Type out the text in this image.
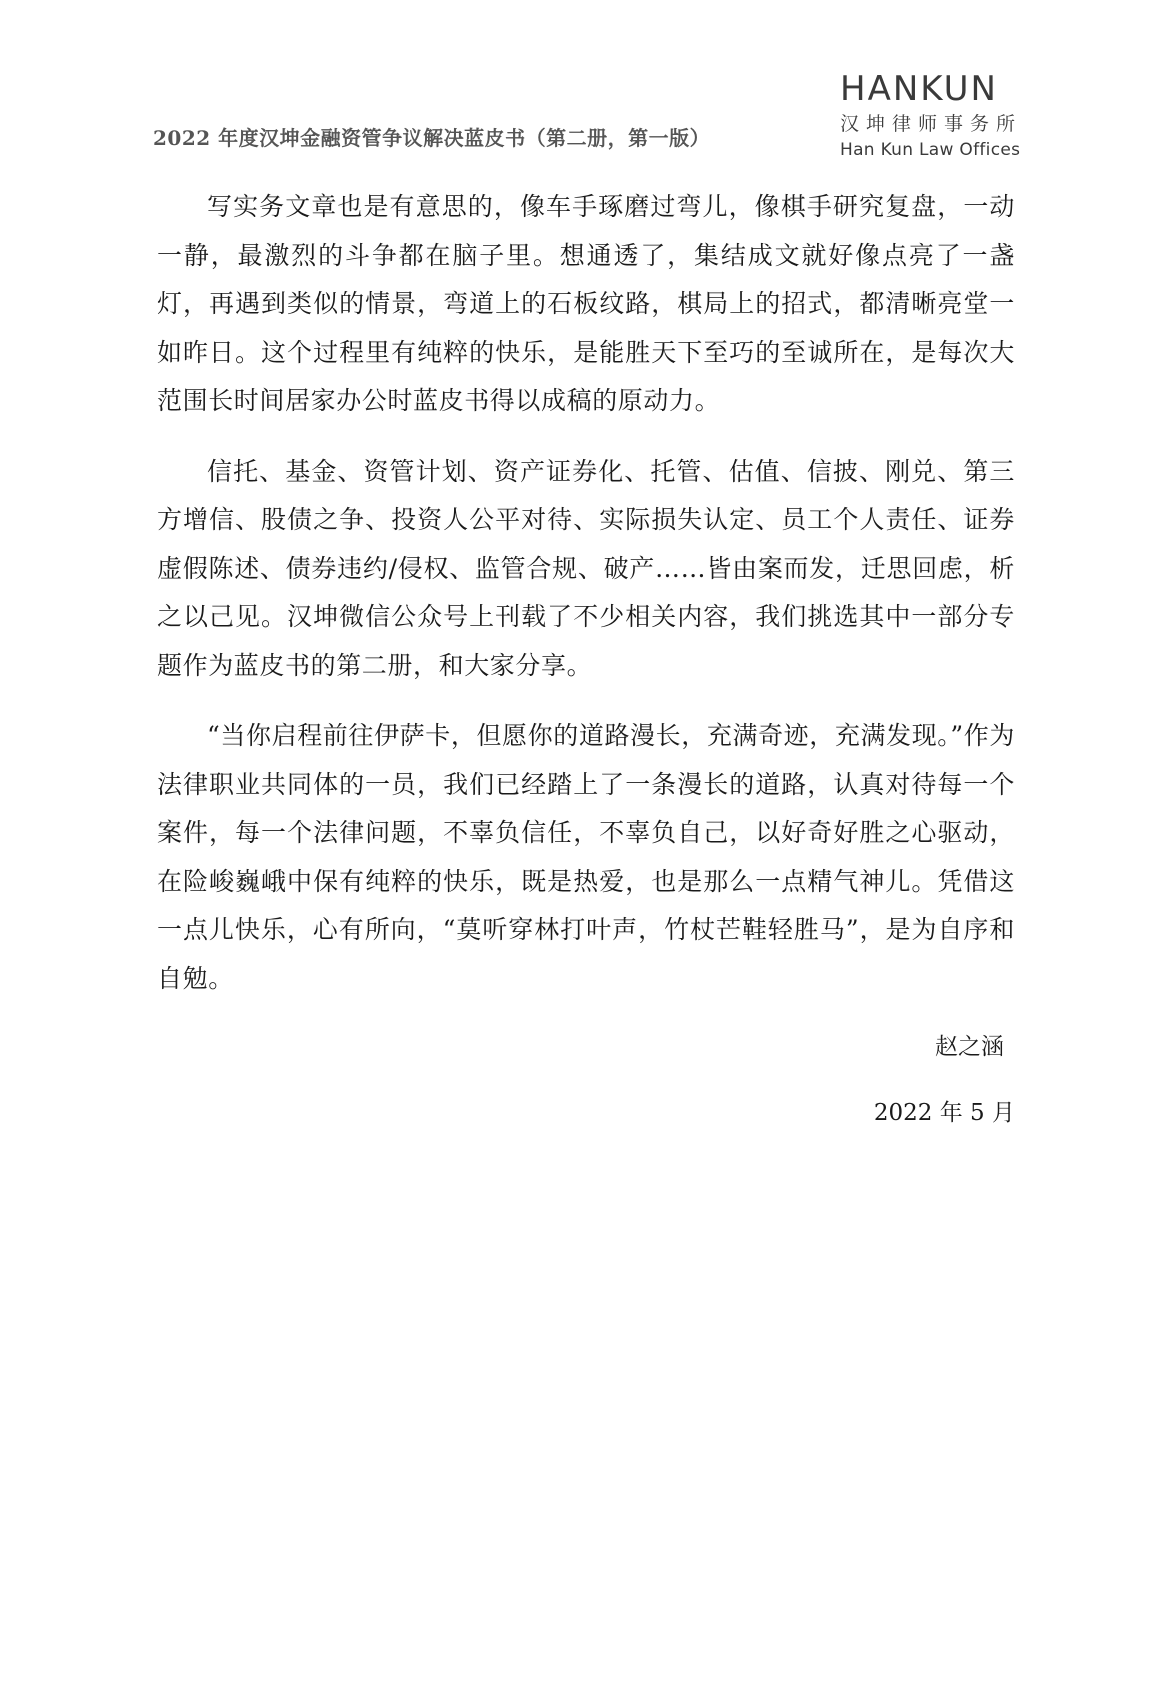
2022 年度汉坤金融资管争议解决蓝皮书（第二册，第一版）
HANKUN
汉坤律师事务所
Han Kun Law Offices

写实务文章也是有意思的，像车手琢磨过弯儿，像棋手研究复盘，一动一静，最激烈的斗争都在脑子里。想通透了，集结成文就好像点亮了一盏灯，再遇到类似的情景，弯道上的石板纹路，棋局上的招式，都清晰亮堂一如昨日。这个过程里有纯粹的快乐，是能胜天下至巧的至诚所在，是每次大范围长时间居家办公时蓝皮书得以成稿的原动力。

信托、基金、资管计划、资产证券化、托管、估值、信披、刚兑、第三方增信、股债之争、投资人公平对待、实际损失认定、员工个人责任、证券虚假陈述、债券违约/侵权、监管合规、破产……皆由案而发，迁思回虑，析之以己见。汉坤微信公众号上刊载了不少相关内容，我们挑选其中一部分专题作为蓝皮书的第二册，和大家分享。

“当你启程前往伊萨卡，但愿你的道路漫长，充满奇迹，充满发现。”作为法律职业共同体的一员，我们已经踏上了一条漫长的道路，认真对待每一个案件，每一个法律问题，不辜负信任，不辜负自己，以好奇好胜之心驱动，在险峻巍峨中保有纯粹的快乐，既是热爱，也是那么一点精气神儿。凭借这一点儿快乐，心有所向，“莫听穿林打叶声，竹杖芒鞋轻胜马”，是为自序和自勉。

赵之涵
2022 年 5 月
